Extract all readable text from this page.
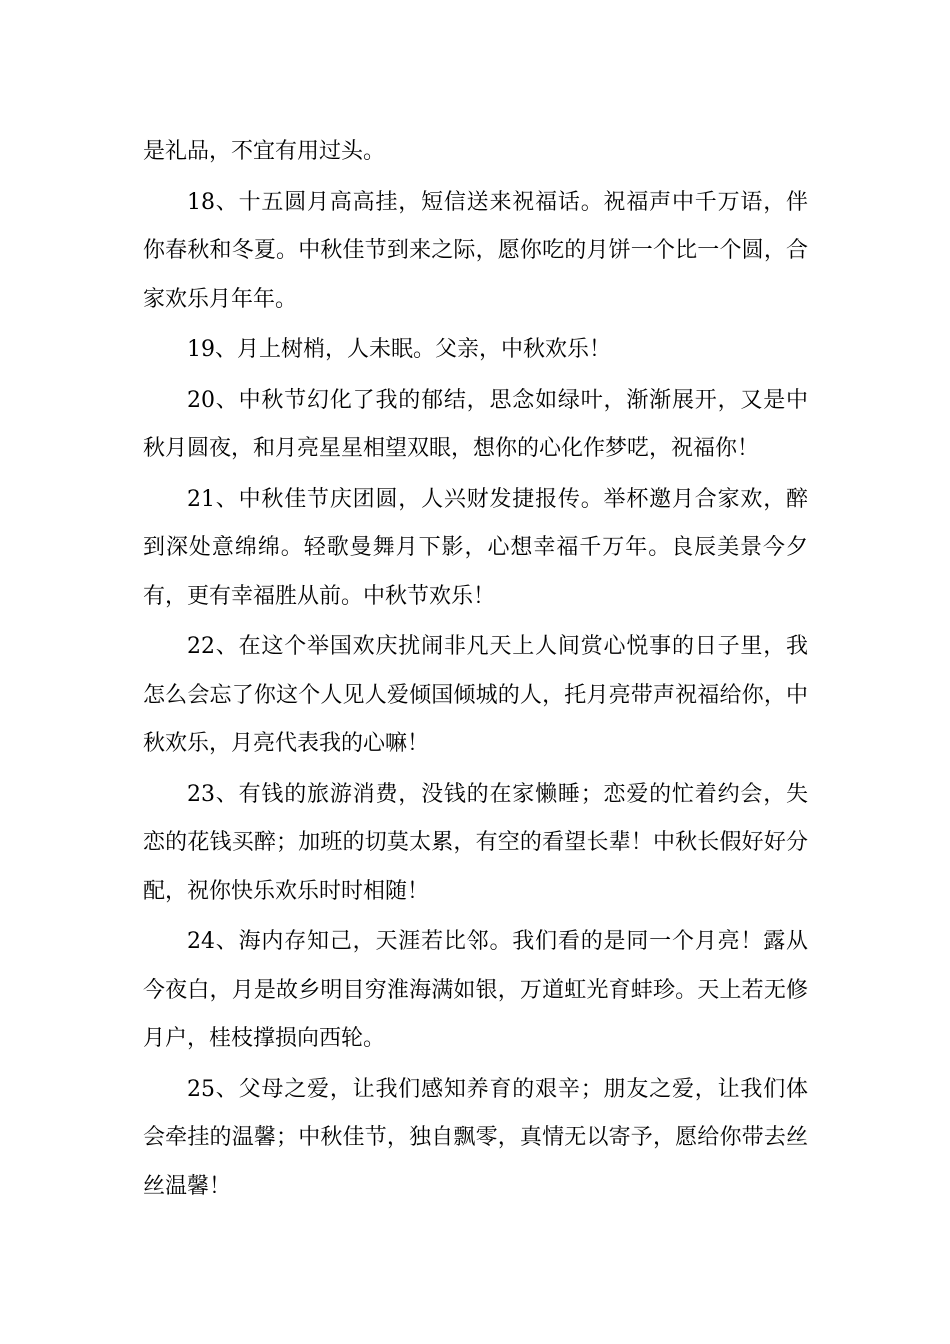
是礼品，不宜有用过头。

18、十五圆月高高挂，短信送来祝福话。祝福声中千万语，伴你春秋和冬夏。中秋佳节到来之际，愿你吃的月饼一个比一个圆，合家欢乐月年年。

19、月上树梢，人未眠。父亲，中秋欢乐！

20、中秋节幻化了我的郁结，思念如绿叶，渐渐展开，又是中秋月圆夜，和月亮星星相望双眼，想你的心化作梦呓，祝福你！

21、中秋佳节庆团圆，人兴财发捷报传。举杯邀月合家欢，醉到深处意绵绵。轻歌曼舞月下影，心想幸福千万年。良辰美景今夕有，更有幸福胜从前。中秋节欢乐！

22、在这个举国欢庆扰闹非凡天上人间赏心悦事的日子里，我怎么会忘了你这个人见人爱倾国倾城的人，托月亮带声祝福给你，中秋欢乐，月亮代表我的心嘛！

23、有钱的旅游消费，没钱的在家懒睡；恋爱的忙着约会，失恋的花钱买醉；加班的切莫太累，有空的看望长辈！中秋长假好好分配，祝你快乐欢乐时时相随！

24、海内存知己，天涯若比邻。我们看的是同一个月亮！露从今夜白，月是故乡明目穷淮海满如银，万道虹光育蚌珍。天上若无修月户，桂枝撑损向西轮。

25、父母之爱，让我们感知养育的艰辛；朋友之爱，让我们体会牵挂的温馨；中秋佳节，独自飘零，真情无以寄予，愿给你带去丝丝温馨！
